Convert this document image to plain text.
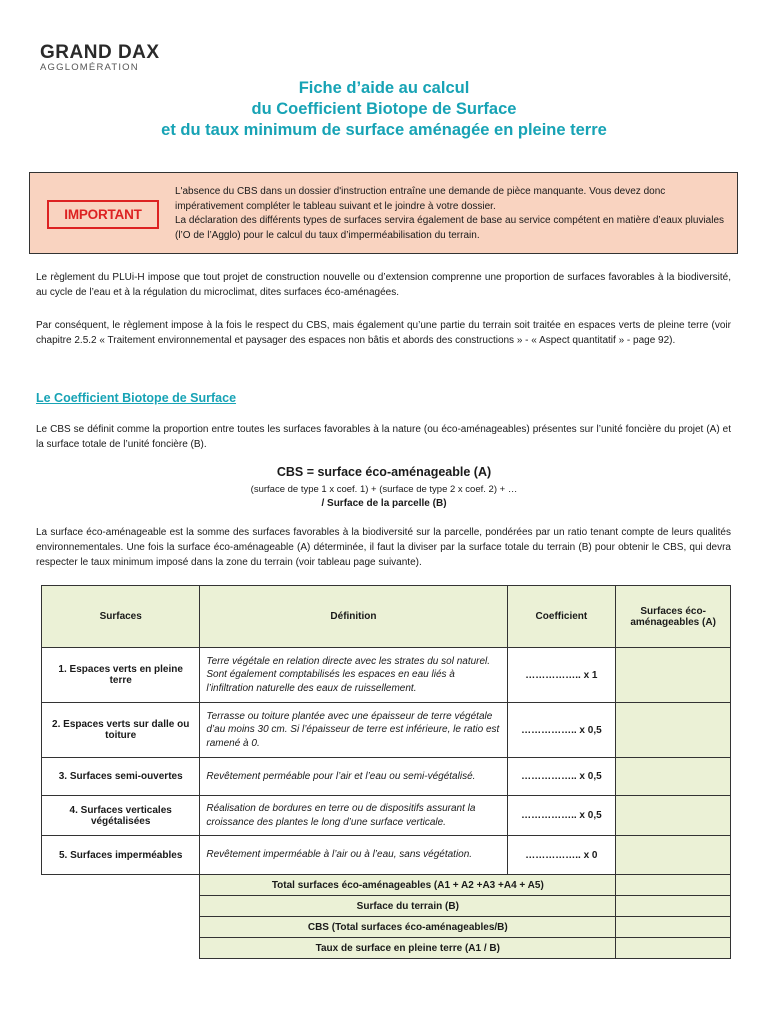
GRAND DAX
AGGLOMÉRATION
Fiche d’aide au calcul
du Coefficient Biotope de Surface
et du taux minimum de surface aménagée en pleine terre
IMPORTANT
L'absence du CBS dans un dossier d'instruction entraîne une demande de pièce manquante. Vous devez donc impérativement compléter le tableau suivant et le joindre à votre dossier.
La déclaration des différents types de surfaces servira également de base au service compétent en matière d’eaux pluviales (l’O de l’Agglo) pour le calcul du taux d’imperméabilisation du terrain.
Le règlement du PLUi-H impose que tout projet de construction nouvelle ou d’extension comprenne une proportion de surfaces favorables à la biodiversité, au cycle de l’eau et à la régulation du microclimat, dites surfaces éco-aménagées.
Par conséquent, le règlement impose à la fois le respect du CBS, mais également qu’une partie du terrain soit traitée en espaces verts de pleine terre (voir chapitre 2.5.2 « Traitement environnemental et paysager des espaces non bâtis et abords des constructions » - « Aspect quantitatif » - page 92).
Le Coefficient Biotope de Surface
Le CBS se définit comme la proportion entre toutes les surfaces favorables à la nature (ou éco-aménageables) présentes sur l’unité foncière du projet (A) et la surface totale de l’unité foncière (B).
CBS = surface éco-aménageable (A)
(surface de type 1 x coef. 1) + (surface de type 2 x coef. 2) + …
/ Surface de la parcelle (B)
La surface éco-aménageable est la somme des surfaces favorables à la biodiversité sur la parcelle, pondérées par un ratio tenant compte de leurs qualités environnementales. Une fois la surface éco-aménageable (A) déterminée, il faut la diviser par la surface totale du terrain (B) pour obtenir le CBS, qui devra respecter le taux minimum imposé dans la zone du terrain (voir tableau page suivante).
Surfaces	Définition	Coefficient	Surfaces éco-aménageables (A)
1. Espaces verts en pleine terre	Terre végétale en relation directe avec les strates du sol naturel. Sont également comptabilisés les espaces en eau liés à l’infiltration naturelle des eaux de ruissellement.	…………….. x 1	
2. Espaces verts sur dalle ou toiture	Terrasse ou toiture plantée avec une épaisseur de terre végétale d’au moins 30 cm. Si l’épaisseur de terre est inférieure, le ratio est ramené à 0.	…………….. x 0,5	
3. Surfaces semi-ouvertes	Revêtement perméable pour l’air et l’eau ou semi-végétalisé.	…………….. x 0,5	
4. Surfaces verticales végétalisées	Réalisation de bordures en terre ou de dispositifs assurant la croissance des plantes le long d’une surface verticale.	…………….. x 0,5	
5. Surfaces imperméables	Revêtement imperméable à l’air ou à l’eau, sans végétation.	…………….. x 0	
	Total surfaces éco-aménageables (A1 + A2 +A3 +A4 + A5)		
	Surface du terrain (B)		
	CBS (Total surfaces éco-aménageables/B)		
	Taux de surface en pleine terre (A1 / B)		
